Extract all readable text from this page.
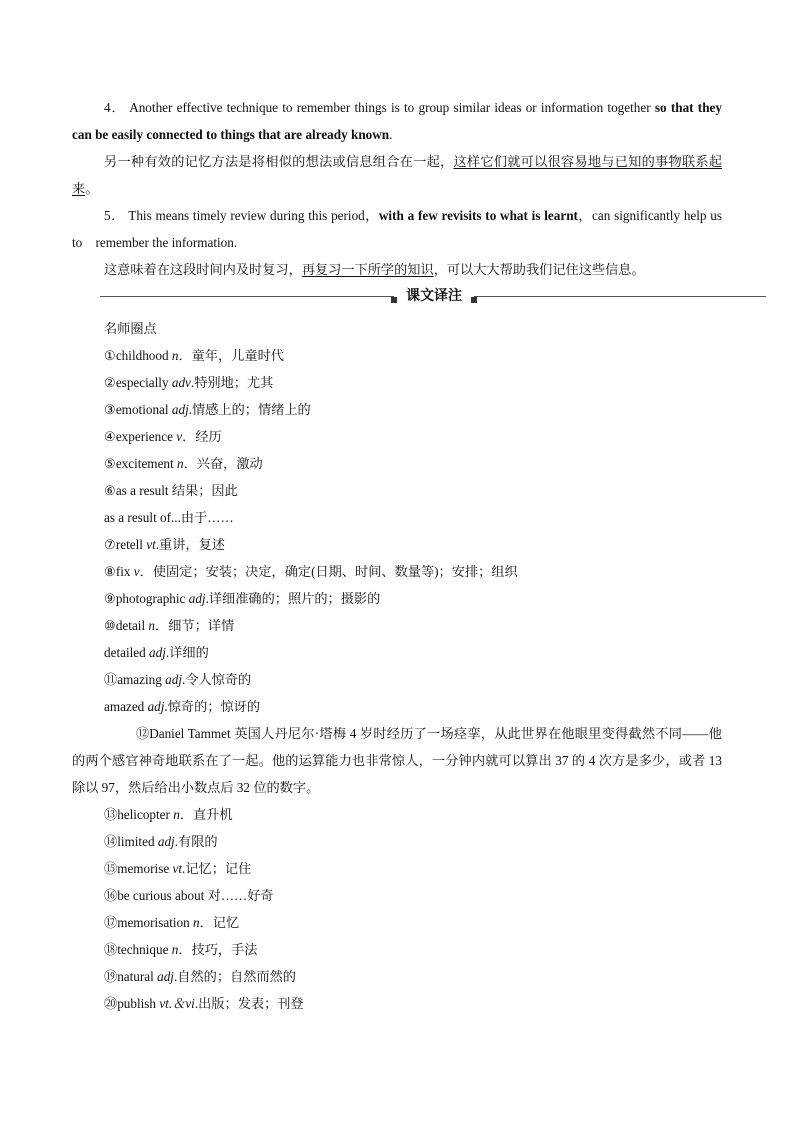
4． Another effective technique to remember things is to group similar ideas or information together so that they can be easily connected to things that are already known.

另一种有效的记忆方法是将相似的想法或信息组合在一起，这样它们就可以很容易地与已知的事物联系起来。

5． This means timely review during this period，with a few revisits to what is learnt，can significantly help us to　remember the information.

这意味着在这段时间内及时复习，再复习一下所学的知识，可以大大帮助我们记住这些信息。

课文译注

名师圈点

①childhood n．童年，儿童时代

②especially adv.特别地；尤其

③emotional adj.情感上的；情绪上的

④experience v．经历

⑤excitement n．兴奋，激动

⑥as a result 结果；因此

as a result of...由于……

⑦retell vt.重讲，复述

⑧fix v．使固定；安装；决定，确定(日期、时间、数量等)；安排；组织

⑨photographic adj.详细准确的；照片的；摄影的

⑩detail n．细节；详情

detailed adj.详细的

⑪amazing adj.令人惊奇的

amazed adj.惊奇的；惊讶的

⑫Daniel Tammet 英国人丹尼尔·塔梅 4 岁时经历了一场痉挛，从此世界在他眼里变得截然不同——他的两个感官神奇地联系在了一起。他的运算能力也非常惊人，一分钟内就可以算出 37 的 4 次方是多少，或者 13 除以 97，然后给出小数点后 32 位的数字。

⑬helicopter n．直升机

⑭limited adj.有限的

⑮memorise vt.记忆；记住

⑯be curious about 对……好奇

⑰memorisation n．记忆

⑱technique n．技巧，手法

⑲natural adj.自然的；自然而然的

⑳publish vt.＆vi.出版；发表；刊登
